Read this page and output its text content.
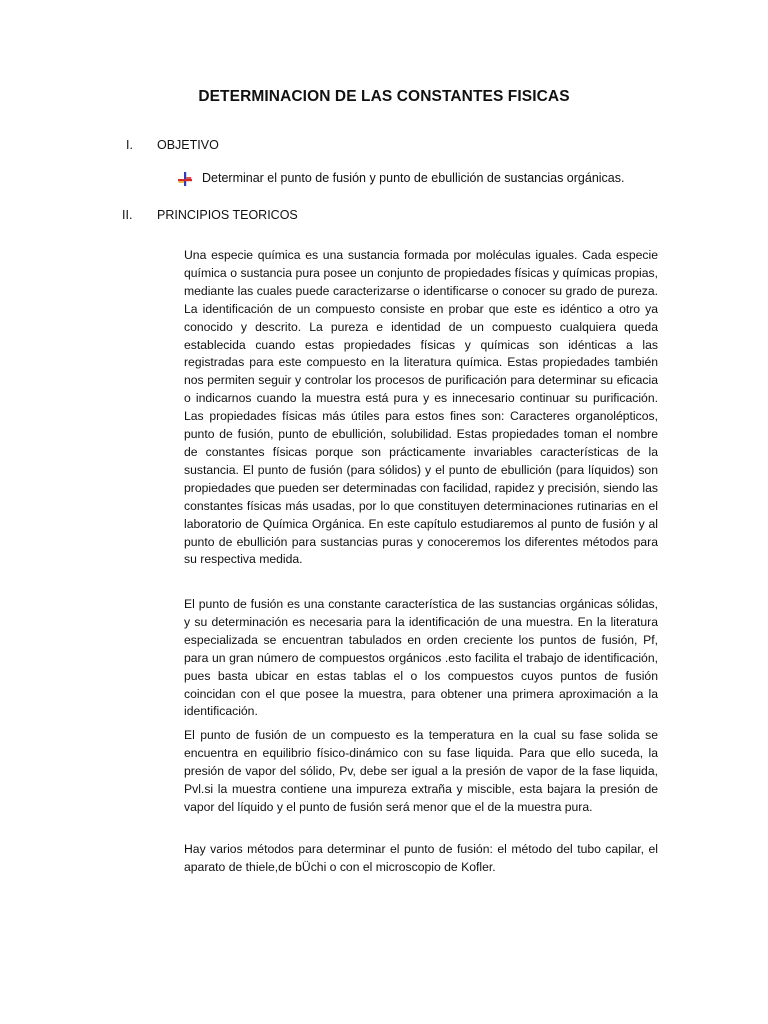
DETERMINACION DE LAS CONSTANTES FISICAS
I.	OBJETIVO
Determinar el punto de fusión y punto de ebullición de sustancias orgánicas.
II.	PRINCIPIOS TEORICOS

Una especie química es una sustancia formada por moléculas iguales. Cada especie química o sustancia pura posee un conjunto de propiedades físicas y químicas propias, mediante las cuales puede caracterizarse o identificarse o conocer su grado de pureza. La identificación de un compuesto consiste en probar que este es idéntico a otro ya conocido y descrito. La pureza e identidad de un compuesto cualquiera queda establecida cuando estas propiedades físicas y químicas son idénticas a las registradas para este compuesto en la literatura química. Estas propiedades también nos permiten seguir y controlar los procesos de purificación para determinar su eficacia o indicarnos cuando la muestra está pura y es innecesario continuar su purificación. Las propiedades físicas más útiles para estos fines son: Caracteres organolépticos, punto de fusión, punto de ebullición, solubilidad. Estas propiedades toman el nombre de constantes físicas porque son prácticamente invariables características de la sustancia. El punto de fusión (para sólidos) y el punto de ebullición (para líquidos) son propiedades que pueden ser determinadas con facilidad, rapidez y precisión, siendo las constantes físicas más usadas, por lo que constituyen determinaciones rutinarias en el laboratorio de Química Orgánica. En este capítulo estudiaremos al punto de fusión y al punto de ebullición para sustancias puras y conoceremos los diferentes métodos para su respectiva medida.

El punto de fusión es una constante característica de las sustancias orgánicas sólidas, y su determinación es necesaria para la identificación de una muestra. En la literatura especializada se encuentran tabulados en orden creciente los puntos de fusión, Pf, para un gran número de compuestos orgánicos .esto facilita el trabajo de identificación, pues basta ubicar en estas tablas el o los compuestos cuyos puntos de fusión coincidan con el que posee la muestra, para obtener una primera aproximación a la identificación.

El punto de fusión de un compuesto es la temperatura en la cual su fase solida se encuentra en equilibrio físico-dinámico con su fase liquida. Para que ello suceda, la presión de vapor del sólido, Pv, debe ser igual a la presión de vapor de la fase liquida, Pvl.si la muestra contiene una impureza extraña y miscible, esta bajara la presión de vapor del líquido y el punto de fusión será menor que el de la muestra pura.

Hay varios métodos para determinar el punto de fusión: el método del tubo capilar, el aparato de thiele,de bÜchi o con el microscopio de Kofler.
